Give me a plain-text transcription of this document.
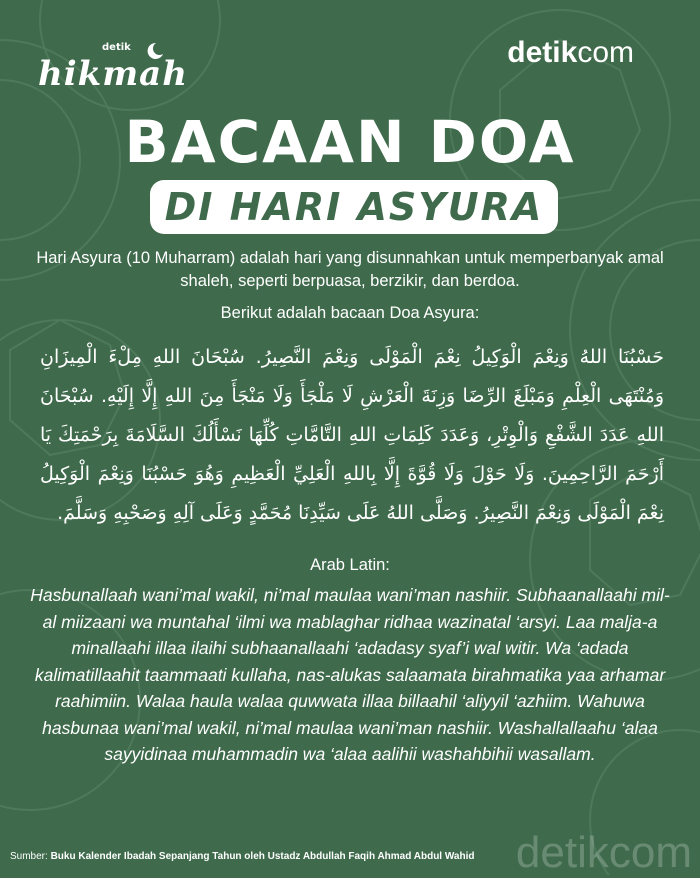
detik
hikmah
detikcom
BACAAN DOA
DI HARI ASYURA
Hari Asyura (10 Muharram) adalah hari yang disunnahkan untuk memperbanyak amal shaleh, seperti berpuasa, berzikir, dan berdoa.
Berikut adalah bacaan Doa Asyura:
حَسْبُنَا اللهُ وَنِعْمَ الْوَكِيلُ نِعْمَ الْمَوْلَى وَنِعْمَ النَّصِيرُ. سُبْحَانَ اللهِ مِلْءَ الْمِيزَانِ وَمُنْتَهَى الْعِلْمِ وَمَبْلَغَ الرِّضَا وَزِنَةَ الْعَرْشِ لَا مَلْجَأَ وَلَا مَنْجَأَ مِنَ اللهِ إِلَّا إِلَيْهِ. سُبْحَانَ اللهِ عَدَدَ الشَّفْعِ وَالْوِتْرِ، وَعَدَدَ كَلِمَاتِ اللهِ التَّامَّاتِ كُلِّهَا نَسْأَلُكَ السَّلَامَةَ بِرَحْمَتِكَ يَا أَرْحَمَ الرَّاحِمِينَ. وَلَا حَوْلَ وَلَا قُوَّةَ إِلَّا بِاللهِ الْعَلِيِّ الْعَظِيمِ وَهُوَ حَسْبُنَا وَنِعْمَ الْوَكِيلُ نِعْمَ الْمَوْلَى وَنِعْمَ النَّصِيرُ. وَصَلَّى اللهُ عَلَى سَيِّدِنَا مُحَمَّدٍ وَعَلَى آلِهِ وَصَحْبِهِ وَسَلَّمَ.
Arab Latin:
Hasbunallaah wani’mal wakil, ni’mal maulaa wani’man nashiir. Subhaanallaahi mil-al miizaani wa muntahal ‘ilmi wa mablaghar ridhaa wazinatal ‘arsyi. Laa malja-a minallaahi illaa ilaihi subhaanallaahi ‘adadasy syaf’i wal witir. Wa ‘adada kalimatillaahit taammaati kullaha, nas-alukas salaamata birahmatika yaa arhamar raahimiin. Walaa haula walaa quwwata illaa billaahil ‘aliyyil ‘azhiim. Wahuwa hasbunaa wani’mal wakil, ni’mal maulaa wani’man nashiir. Washallallaahu ‘alaa sayyidinaa muhammadin wa ‘alaa aalihii washahbihii wasallam.
detikcom
Sumber: Buku Kalender Ibadah Sepanjang Tahun oleh Ustadz Abdullah Faqih Ahmad Abdul Wahid
